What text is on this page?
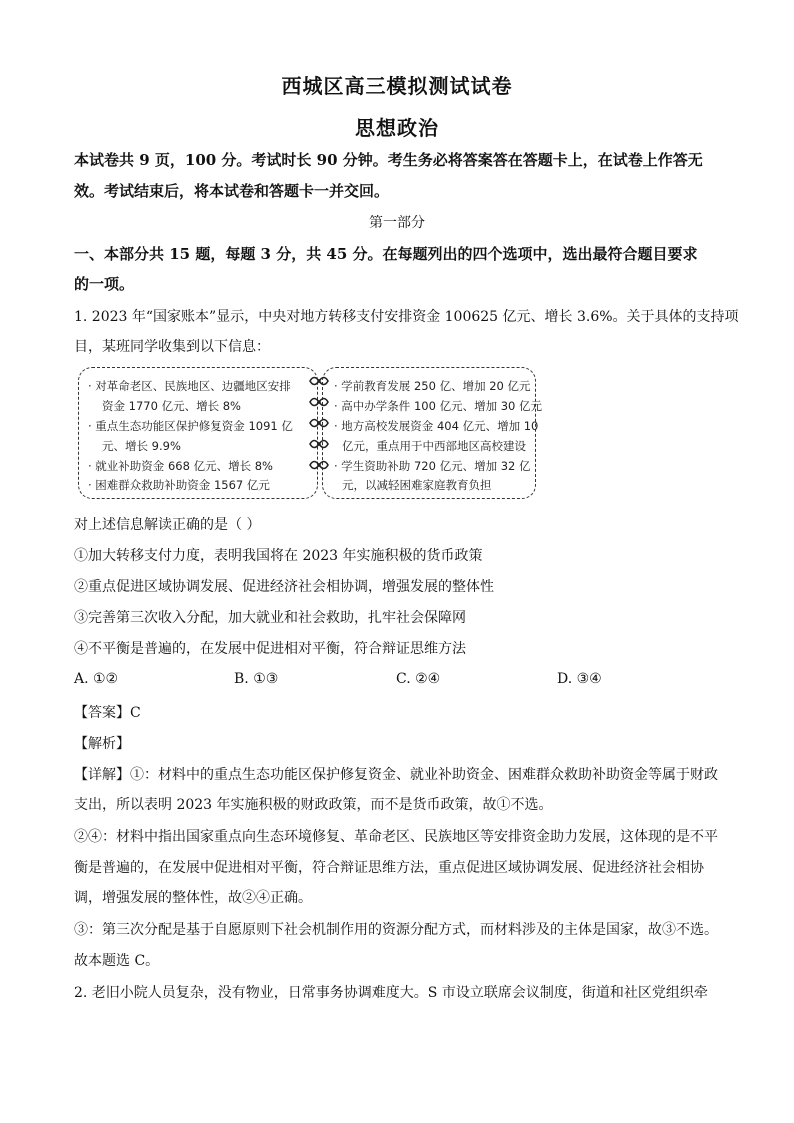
西城区高三模拟测试试卷
思想政治
本试卷共 9 页，100 分。考试时长 90 分钟。考生务必将答案答在答题卡上，在试卷上作答无
效。考试结束后，将本试卷和答题卡一并交回。
第一部分
一、本部分共 15 题，每题 3 分，共 45 分。在每题列出的四个选项中，选出最符合题目要求
的一项。
1. 2023 年“国家账本”显示，中央对地方转移支付安排资金 100625 亿元、增长 3.6%。关于具体的支持项
目，某班同学收集到以下信息：
· 对革命老区、民族地区、边疆地区安排
资金 1770 亿元、增长 8%
· 重点生态功能区保护修复资金 1091 亿
元、增长 9.9%
· 就业补助资金 668 亿元、增长 8%
· 困难群众救助补助资金 1567 亿元
· 学前教育发展 250 亿、增加 20 亿元
· 高中办学条件 100 亿元、增加 30 亿元
· 地方高校发展资金 404 亿元、增加 10
亿元，重点用于中西部地区高校建设
· 学生资助补助 720 亿元、增加 32 亿
元，以减轻困难家庭教育负担
对上述信息解读正确的是（ ）
①加大转移支付力度，表明我国将在 2023 年实施积极的货币政策
②重点促进区域协调发展、促进经济社会相协调，增强发展的整体性
③完善第三次收入分配，加大就业和社会救助，扎牢社会保障网
④不平衡是普遍的，在发展中促进相对平衡，符合辩证思维方法
A. ①②	B. ①③	C. ②④	D. ③④
【答案】C
【解析】
【详解】①：材料中的重点生态功能区保护修复资金、就业补助资金、困难群众救助补助资金等属于财政
支出，所以表明 2023 年实施积极的财政政策，而不是货币政策，故①不选。
②④：材料中指出国家重点向生态环境修复、革命老区、民族地区等安排资金助力发展，这体现的是不平
衡是普遍的，在发展中促进相对平衡，符合辩证思维方法，重点促进区域协调发展、促进经济社会相协
调，增强发展的整体性，故②④正确。
③：第三次分配是基于自愿原则下社会机制作用的资源分配方式，而材料涉及的主体是国家，故③不选。
故本题选 C。
2. 老旧小院人员复杂，没有物业，日常事务协调难度大。S 市设立联席会议制度，街道和社区党组织牵
